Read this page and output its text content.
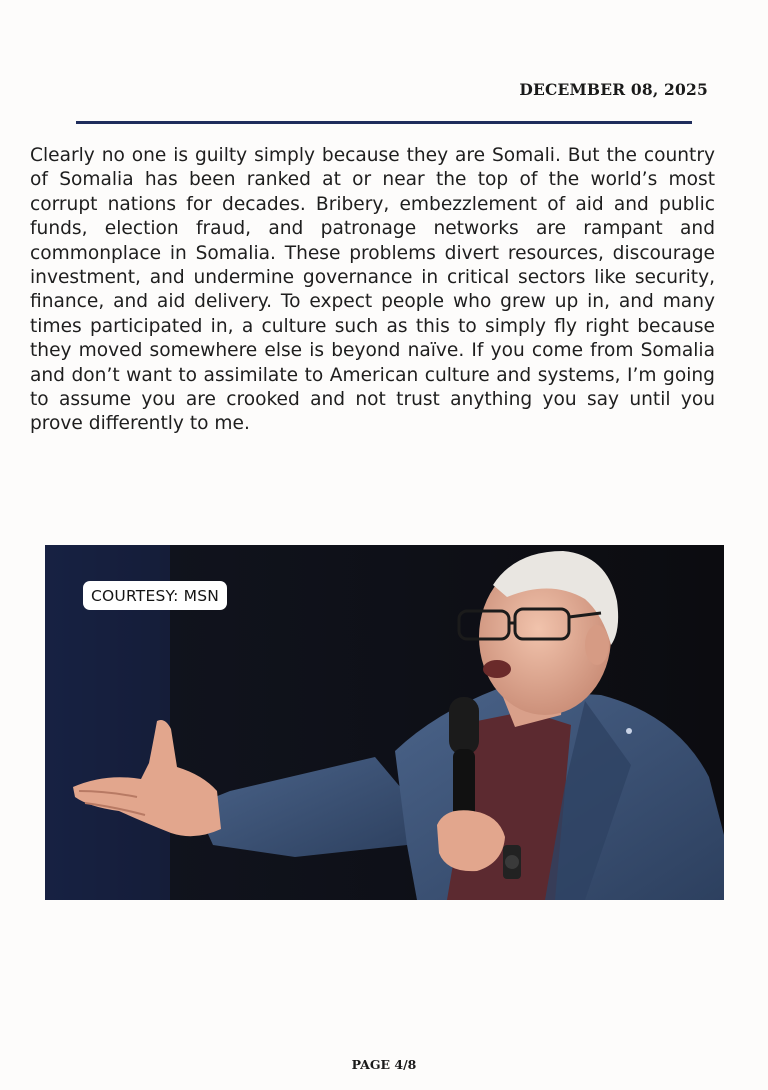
DECEMBER 08, 2025

Clearly no one is guilty simply because they are Somali. But the country of Somalia has been ranked at or near the top of the world’s most corrupt nations for decades. Bribery, embezzlement of aid and public funds, election fraud, and patronage networks are rampant and commonplace in Somalia. These problems divert resources, discourage investment, and undermine governance in critical sectors like security, finance, and aid delivery. To expect people who grew up in, and many times participated in, a culture such as this to simply fly right because they moved somewhere else is beyond naïve. If you come from Somalia and don’t want to assimilate to American culture and systems, I’m going to assume you are crooked and not trust anything you say until you prove differently to me.

COURTESY: MSN
PAGE 4/8
